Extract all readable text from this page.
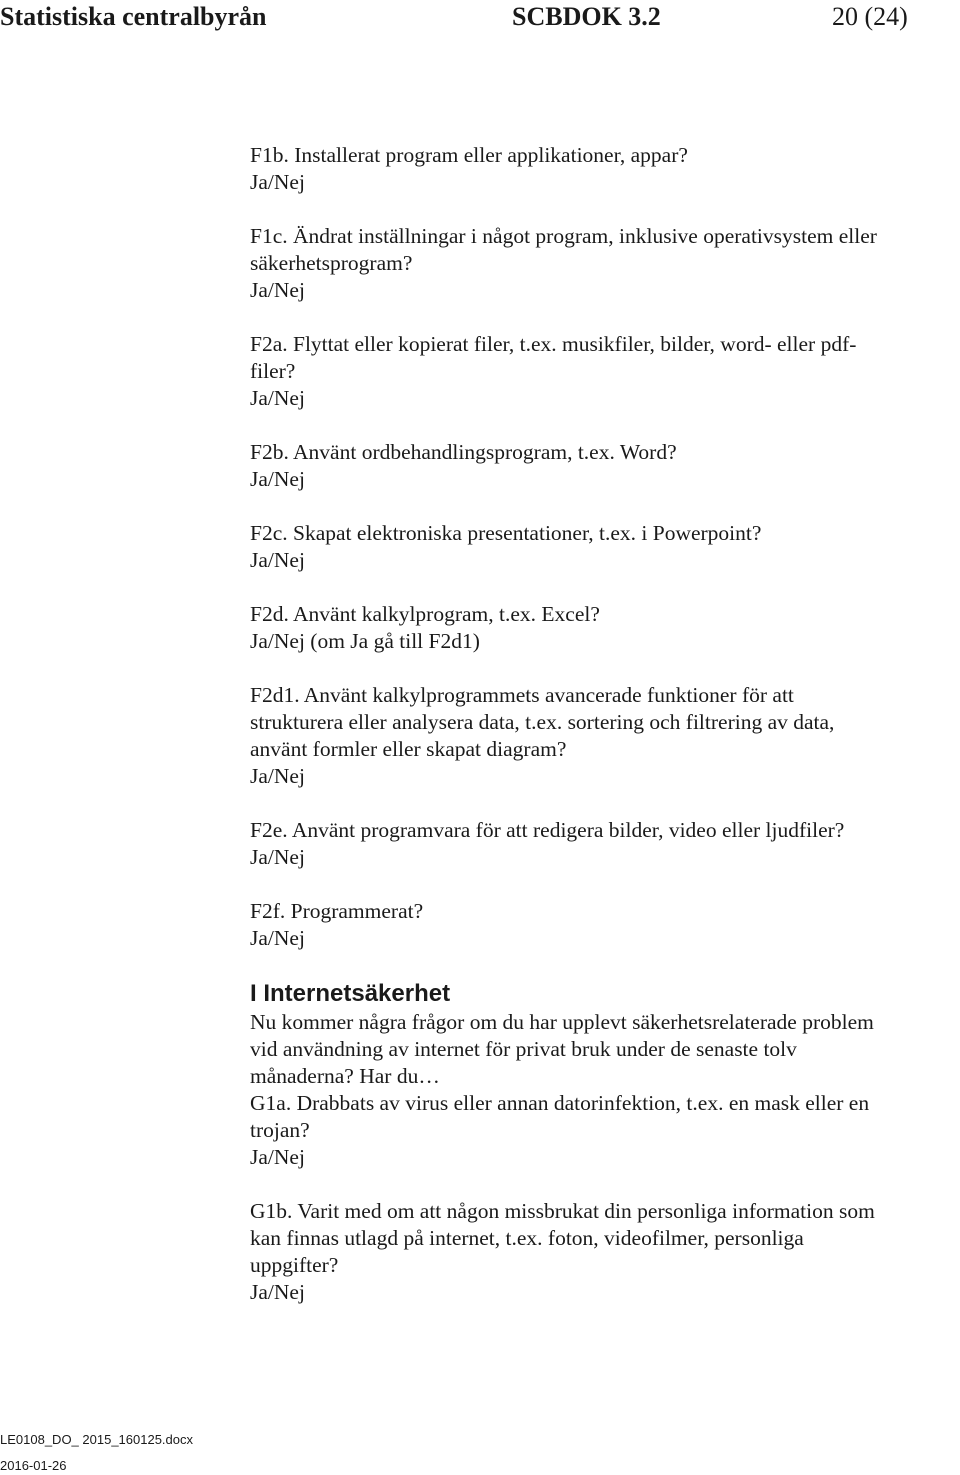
Statistiska centralbyrån	SCBDOK 3.2	20 (24)
F1b. Installerat program eller applikationer, appar?
Ja/Nej
F1c. Ändrat inställningar i något program, inklusive operativsystem eller
säkerhetsprogram?
Ja/Nej
F2a. Flyttat eller kopierat filer, t.ex. musikfiler, bilder, word- eller pdf-
filer?
Ja/Nej
F2b. Använt ordbehandlingsprogram, t.ex. Word?
Ja/Nej
F2c. Skapat elektroniska presentationer, t.ex. i Powerpoint?
Ja/Nej
F2d. Använt kalkylprogram, t.ex. Excel?
Ja/Nej (om Ja gå till F2d1)
F2d1. Använt kalkylprogrammets avancerade funktioner för att
strukturera eller analysera data, t.ex. sortering och filtrering av data,
använt formler eller skapat diagram?
Ja/Nej
F2e. Använt programvara för att redigera bilder, video eller ljudfiler?
Ja/Nej
F2f. Programmerat?
Ja/Nej
I Internetsäkerhet
Nu kommer några frågor om du har upplevt säkerhetsrelaterade problem
vid användning av internet för privat bruk under de senaste tolv
månaderna? Har du…
G1a. Drabbats av virus eller annan datorinfektion, t.ex. en mask eller en
trojan?
Ja/Nej
G1b. Varit med om att någon missbrukat din personliga information som
kan finnas utlagd på internet, t.ex. foton, videofilmer, personliga
uppgifter?
Ja/Nej
LE0108_DO_ 2015_160125.docx
2016-01-26
